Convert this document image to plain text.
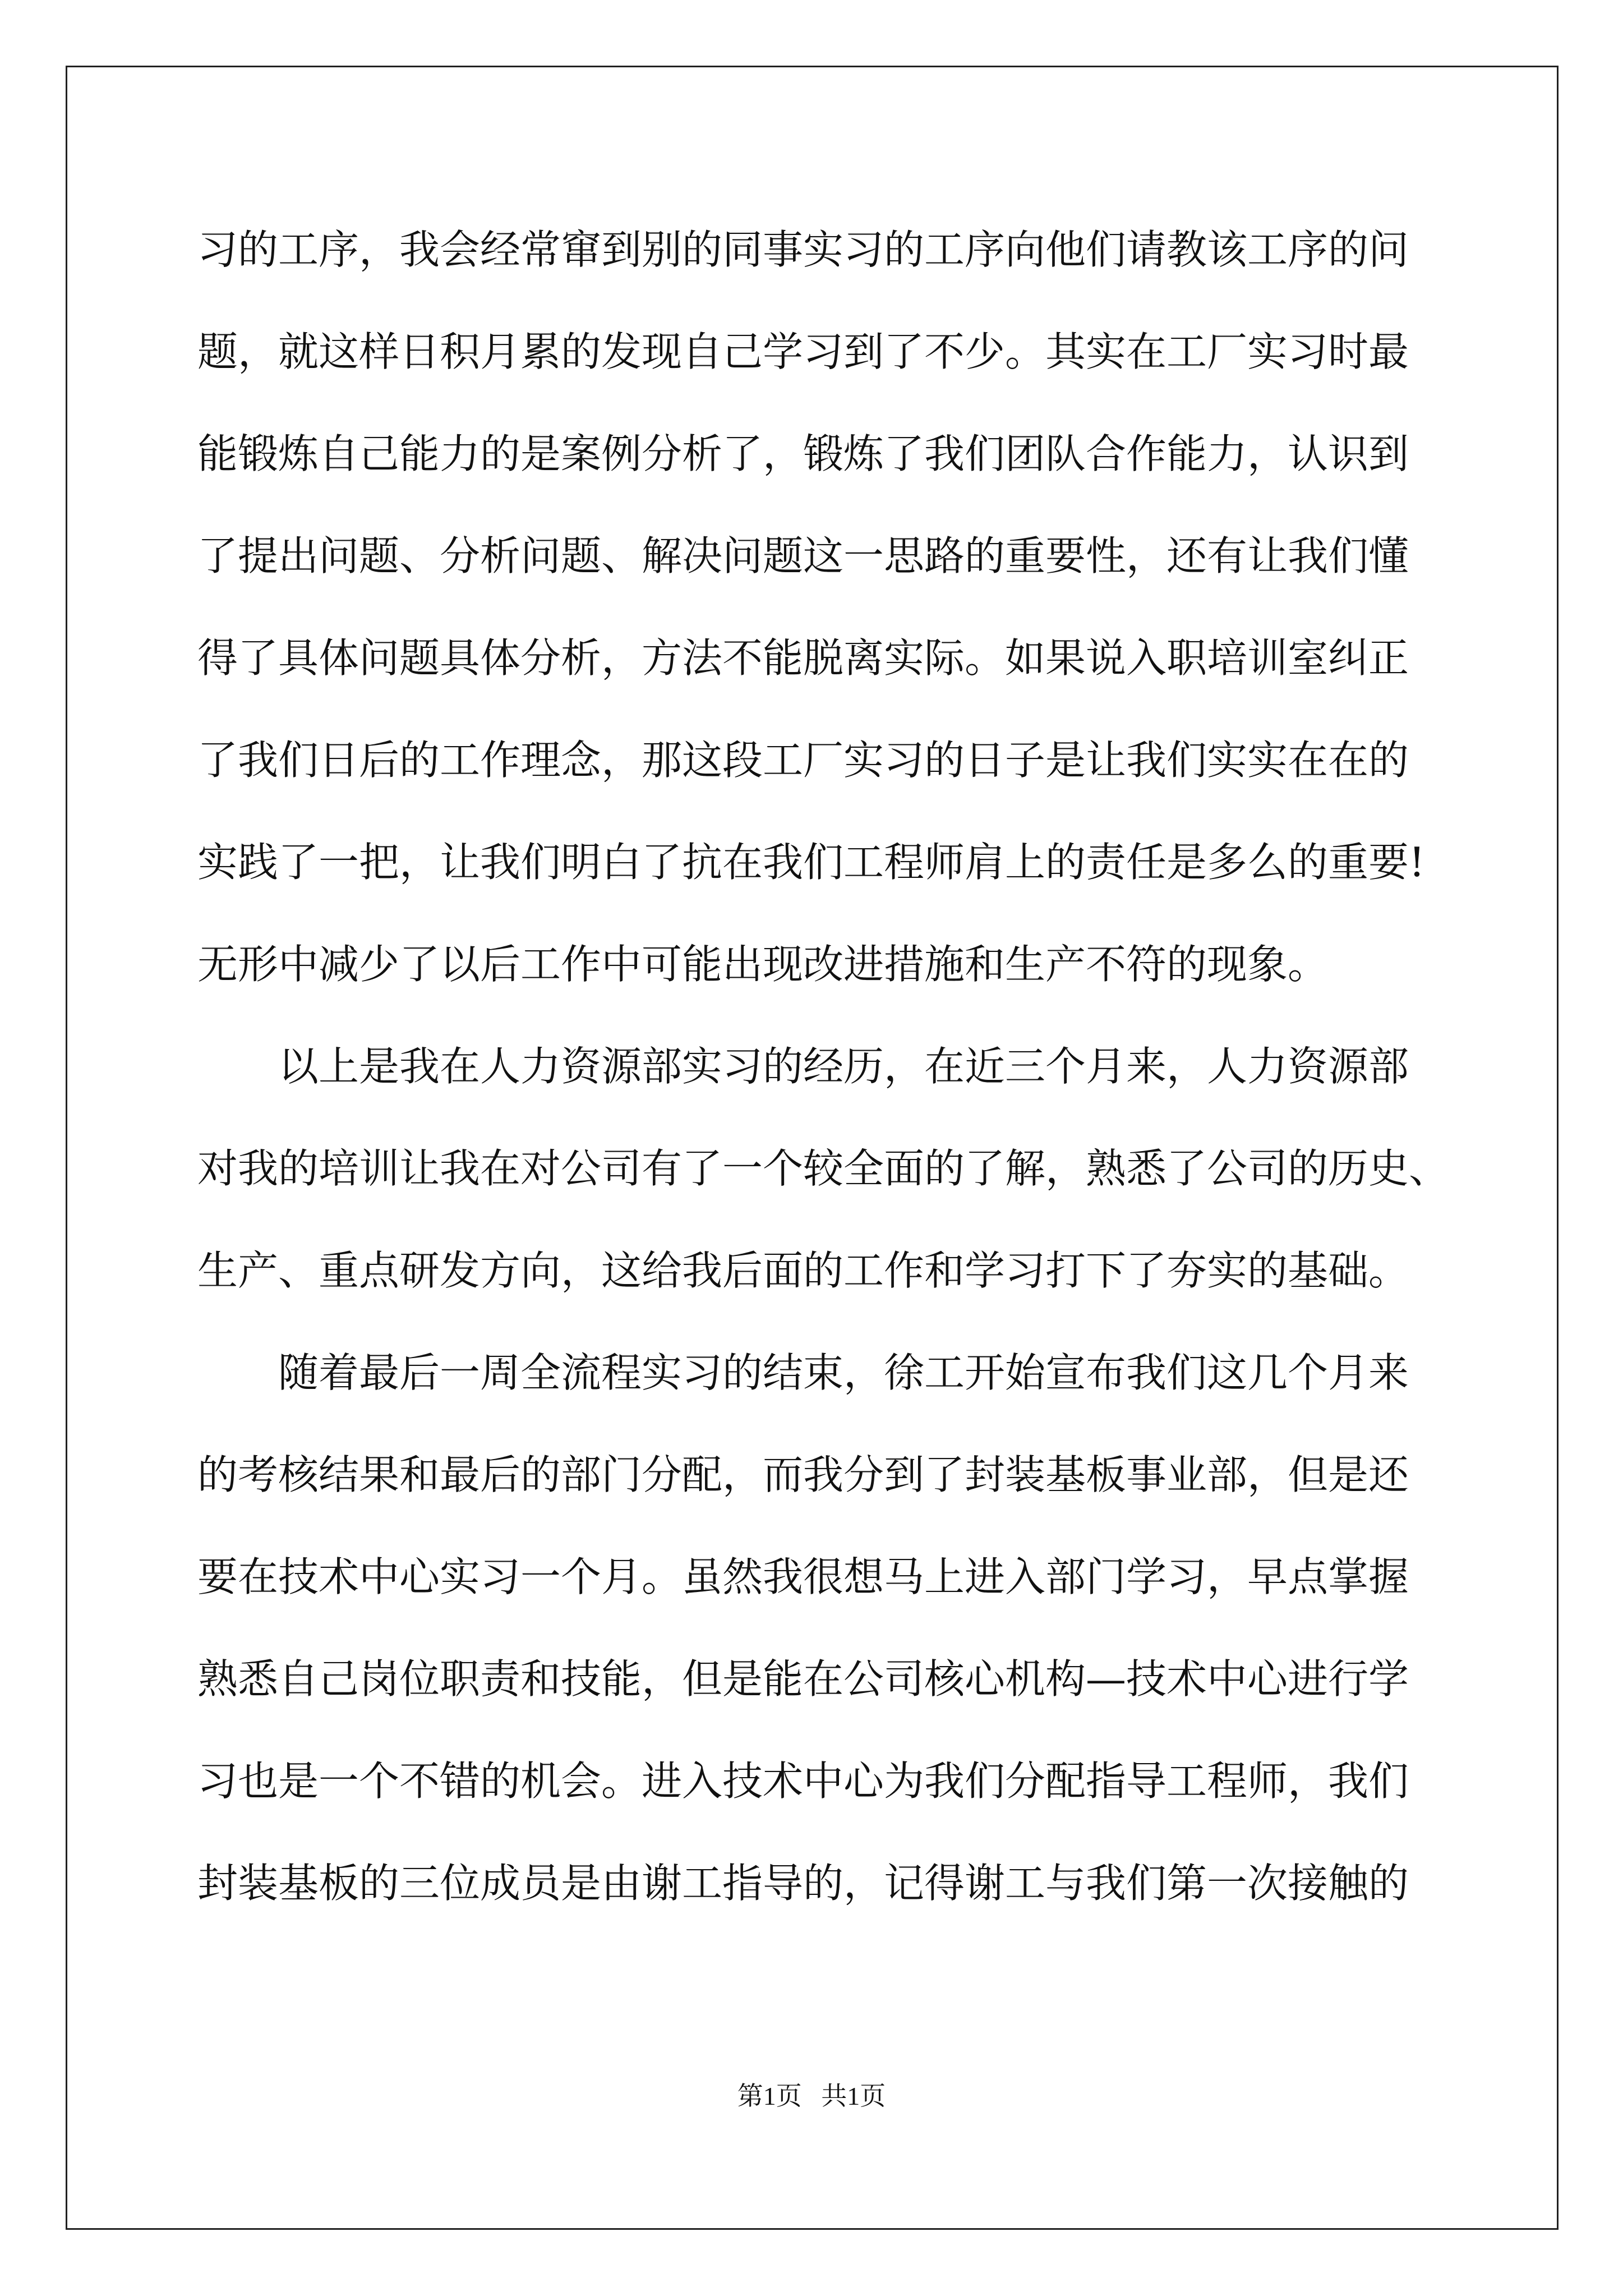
习的工序，我会经常窜到别的同事实习的工序向他们请教该工序的问
题，就这样日积月累的发现自己学习到了不少。其实在工厂实习时最
能锻炼自己能力的是案例分析了，锻炼了我们团队合作能力，认识到
了提出问题、分析问题、解决问题这一思路的重要性，还有让我们懂
得了具体问题具体分析，方法不能脱离实际。如果说入职培训室纠正
了我们日后的工作理念，那这段工厂实习的日子是让我们实实在在的
实践了一把，让我们明白了抗在我们工程师肩上的责任是多么的重要!
无形中减少了以后工作中可能出现改进措施和生产不符的现象。
　　以上是我在人力资源部实习的经历，在近三个月来，人力资源部
对我的培训让我在对公司有了一个较全面的了解，熟悉了公司的历史、
生产、重点研发方向，这给我后面的工作和学习打下了夯实的基础。
　　随着最后一周全流程实习的结束，徐工开始宣布我们这几个月来
的考核结果和最后的部门分配，而我分到了封装基板事业部，但是还
要在技术中心实习一个月。虽然我很想马上进入部门学习，早点掌握
熟悉自己岗位职责和技能，但是能在公司核心机构—技术中心进行学
习也是一个不错的机会。进入技术中心为我们分配指导工程师，我们
封装基板的三位成员是由谢工指导的，记得谢工与我们第一次接触的
第1页   共1页
